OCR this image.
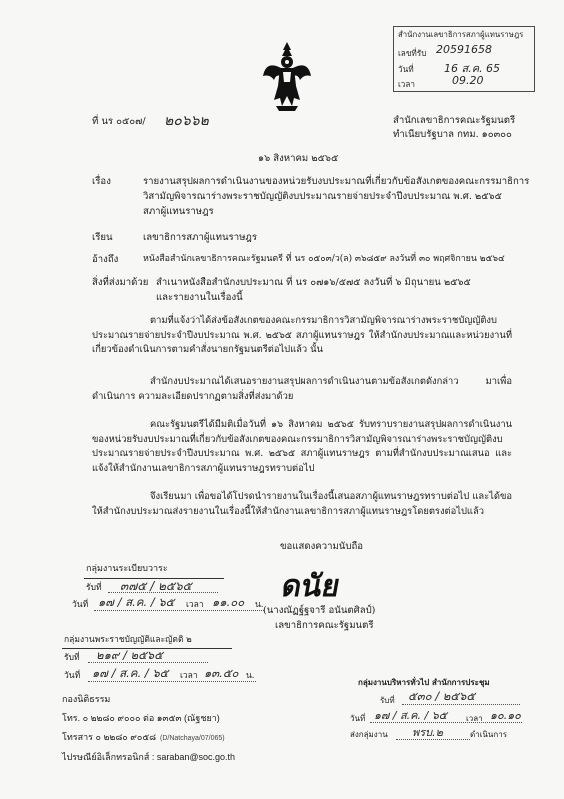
สำนักงานเลขาธิการสภาผู้แทนราษฎร
เลขที่รับ 20591658
วันที่	16 ส.ค. 65
เวลา	09.20
ที่ นร ๐๕๐๗/ ๒๐๖๖๒	สำนักเลขาธิการคณะรัฐมนตรี
ทำเนียบรัฐบาล กทม. ๑๐๓๐๐
๑๖ สิงหาคม ๒๕๖๕
เรื่อง	รายงานสรุปผลการดำเนินงานของหน่วยรับงบประมาณที่เกี่ยวกับข้อสังเกตของคณะกรรมาธิการ
วิสามัญพิจารณาร่างพระราชบัญญัติงบประมาณรายจ่ายประจำปีงบประมาณ พ.ศ. ๒๕๖๕
สภาผู้แทนราษฎร
เรียน	เลขาธิการสภาผู้แทนราษฎร
อ้างถึง	หนังสือสำนักเลขาธิการคณะรัฐมนตรี ที่ นร ๐๕๐๓/ว(ล) ๓๖๘๕๙ ลงวันที่ ๓๐ พฤศจิกายน ๒๕๖๔
สิ่งที่ส่งมาด้วย สำเนาหนังสือสำนักงบประมาณ ที่ นร ๐๗๑๖/๕๗๕ ลงวันที่ ๖ มิถุนายน ๒๕๖๕
และรายงานในเรื่องนี้
ตามที่แจ้งว่าได้ส่งข้อสังเกตของคณะกรรมาธิการวิสามัญพิจารณาร่างพระราชบัญญัติงบประมาณรายจ่ายประจำปีงบประมาณ พ.ศ. ๒๕๖๕ สภาผู้แทนราษฎร ให้สำนักงบประมาณและหน่วยงานที่เกี่ยวข้องดำเนินการตามคำสั่งนายกรัฐมนตรีต่อไปแล้ว นั้น
สำนักงบประมาณได้เสนอรายงานสรุปผลการดำเนินงานตามข้อสังเกตดังกล่าว มาเพื่อดำเนินการ ความละเอียดปรากฏตามสิ่งที่ส่งมาด้วย
คณะรัฐมนตรีได้มีมติเมื่อวันที่ ๑๖ สิงหาคม ๒๕๖๕ รับทราบรายงานสรุปผลการดำเนินงานของหน่วยรับงบประมาณที่เกี่ยวกับข้อสังเกตของคณะกรรมาธิการวิสามัญพิจารณาร่างพระราชบัญญัติงบประมาณรายจ่ายประจำปีงบประมาณ พ.ศ. ๒๕๖๕ สภาผู้แทนราษฎร ตามที่สำนักงบประมาณเสนอ และแจ้งให้สำนักงานเลขาธิการสภาผู้แทนราษฎรทราบต่อไป
จึงเรียนมา เพื่อขอได้โปรดนำรายงานในเรื่องนี้เสนอสภาผู้แทนราษฎรทราบต่อไป และได้ขอให้สำนักงบประมาณส่งรายงานในเรื่องนี้ให้สำนักงานเลขาธิการสภาผู้แทนราษฎรโดยตรงต่อไปแล้ว
ขอแสดงความนับถือ
ดนัย
(นางณัฏฐ์ฐจารี อนันตศิลป์)
เลขาธิการคณะรัฐมนตรี
กลุ่มงานระเบียบวาระ
รับที่ ๓๗๕ / ๒๕๖๕
วันที่ ๑๗ / ส.ค. / ๖๕ เวลา ๑๑.๐๐ น.
กลุ่มงานพระราชบัญญัติและญัตติ ๒
รับที่ ๒๑๙ / ๒๕๖๕
วันที่ ๑๗ / ส.ค. / ๖๕ เวลา ๑๓.๕๐ น.
กลุ่มงานบริหารทั่วไป สำนักการประชุม
รับที่ ๕๓๐ / ๒๕๖๕
วันที่ ๑๗ / ส.ค. / ๖๕ เวลา ๑๐.๑๐
ส่งกลุ่มงาน พรบ.๒	ดำเนินการ
กองนิติธรรม
โทร. ๐ ๒๒๘๐ ๙๐๐๐ ต่อ ๑๓๕๓ (ณัฐชยา)
โทรสาร ๐ ๒๒๘๐ ๙๐๕๘ (D/Natchaya/07/065)
ไปรษณีย์อิเล็กทรอนิกส์ : saraban@soc.go.th
